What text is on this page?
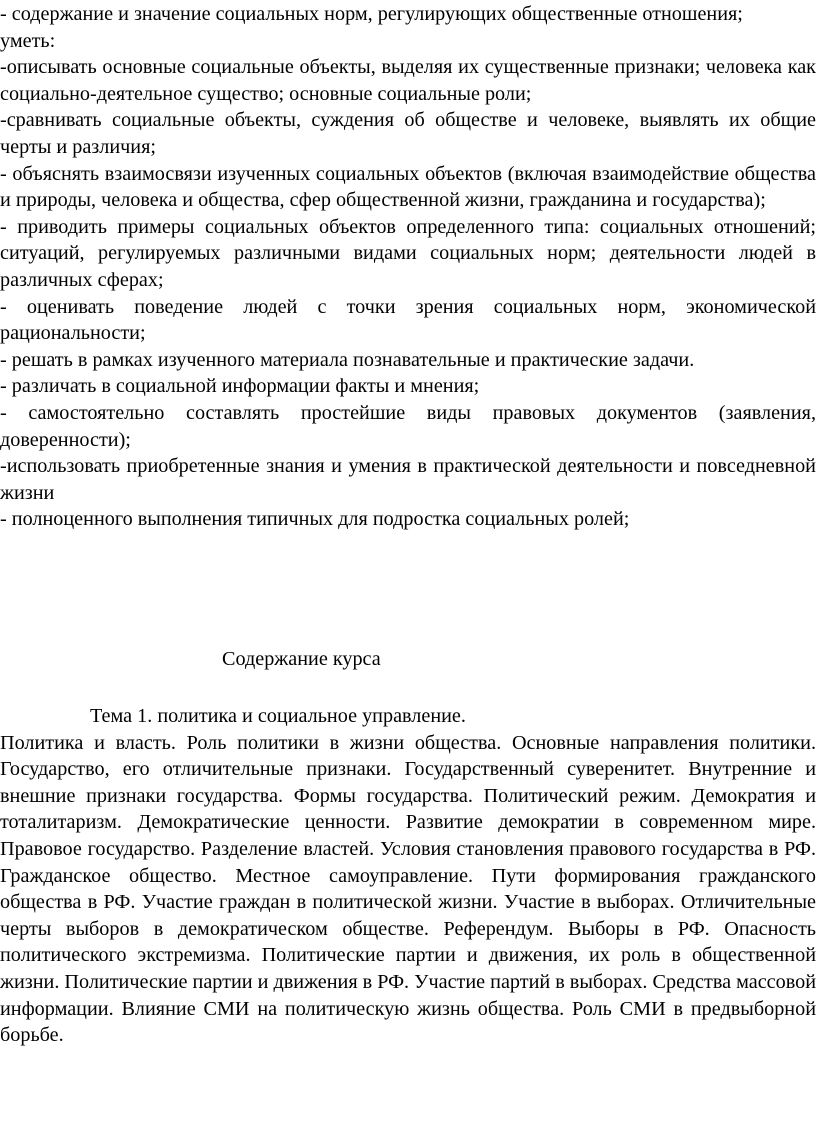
- содержание и значение социальных норм, регулирующих общественные отношения;

уметь:

-описывать основные социальные объекты, выделяя их существенные признаки; человека как социально-деятельное существо; основные социальные роли;

-сравнивать социальные объекты, суждения об обществе и человеке, выявлять их общие черты и различия;

- объяснять взаимосвязи изученных социальных объектов (включая взаимодействие общества и природы, человека и общества, сфер общественной жизни, гражданина и государства);

- приводить примеры социальных объектов определенного типа: социальных отношений; ситуаций, регулируемых различными видами социальных норм; деятельности людей в различных сферах;

- оценивать поведение людей с точки зрения социальных норм, экономической рациональности;

- решать в рамках изученного материала познавательные и практические задачи.

- различать в социальной информации факты и мнения;

- самостоятельно составлять простейшие виды правовых документов (заявления, доверенности);

-использовать приобретенные знания и умения в практической деятельности и повседневной жизни

- полноценного выполнения типичных для подростка социальных ролей;

Содержание курса

Тема 1. политика и социальное управление.

Политика и власть. Роль политики в жизни общества. Основные направления политики. Государство, его отличительные признаки. Государственный суверенитет. Внутренние и внешние признаки государства. Формы государства. Политический режим. Демократия и тоталитаризм. Демократические ценности. Развитие демократии в современном мире. Правовое государство. Разделение властей. Условия становления правового государства в РФ. Гражданское общество. Местное самоуправление. Пути формирования гражданского общества в РФ. Участие граждан в политической жизни. Участие в выборах. Отличительные черты выборов в демократическом обществе. Референдум. Выборы в РФ. Опасность политического экстремизма. Политические партии и движения, их роль в общественной жизни. Политические партии и движения в РФ. Участие партий в выборах. Средства массовой информации. Влияние СМИ на политическую жизнь общества. Роль СМИ в предвыборной борьбе.
